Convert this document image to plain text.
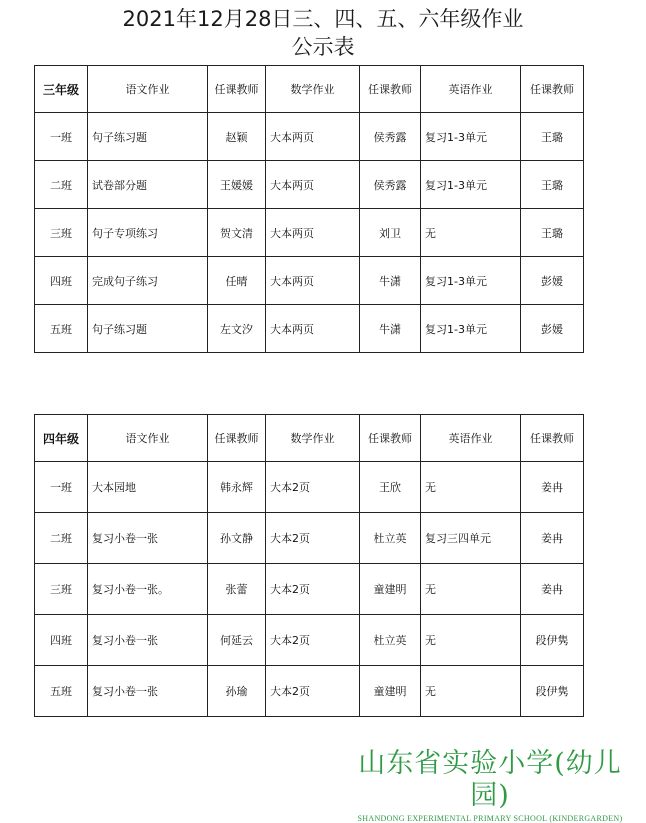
2021年12月28日三、四、五、六年级作业
公示表
三年级	语文作业	任课教师	数学作业	任课教师	英语作业	任课教师
一班	句子练习题	赵颖	大本两页	侯秀露	复习1-3单元	王璐
二班	试卷部分题	王媛媛	大本两页	侯秀露	复习1-3单元	王璐
三班	句子专项练习	贺文清	大本两页	刘卫	无	王璐
四班	完成句子练习	任晴	大本两页	牛潇	复习1-3单元	彭媛
五班	句子练习题	左文汐	大本两页	牛潇	复习1-3单元	彭媛
四年级	语文作业	任课教师	数学作业	任课教师	英语作业	任课教师
一班	大本园地	韩永辉	大本2页	王欣	无	姜冉
二班	复习小卷一张	孙文静	大本2页	杜立英	复习三四单元	姜冉
三班	复习小卷一张。	张蕾	大本2页	童建明	无	姜冉
四班	复习小卷一张	何延云	大本2页	杜立英	无	段伊隽
五班	复习小卷一张	孙瑜	大本2页	童建明	无	段伊隽
山东省实验小学(幼儿园)
SHANDONG EXPERIMENTAL PRIMARY SCHOOL (KINDERGARDEN)
